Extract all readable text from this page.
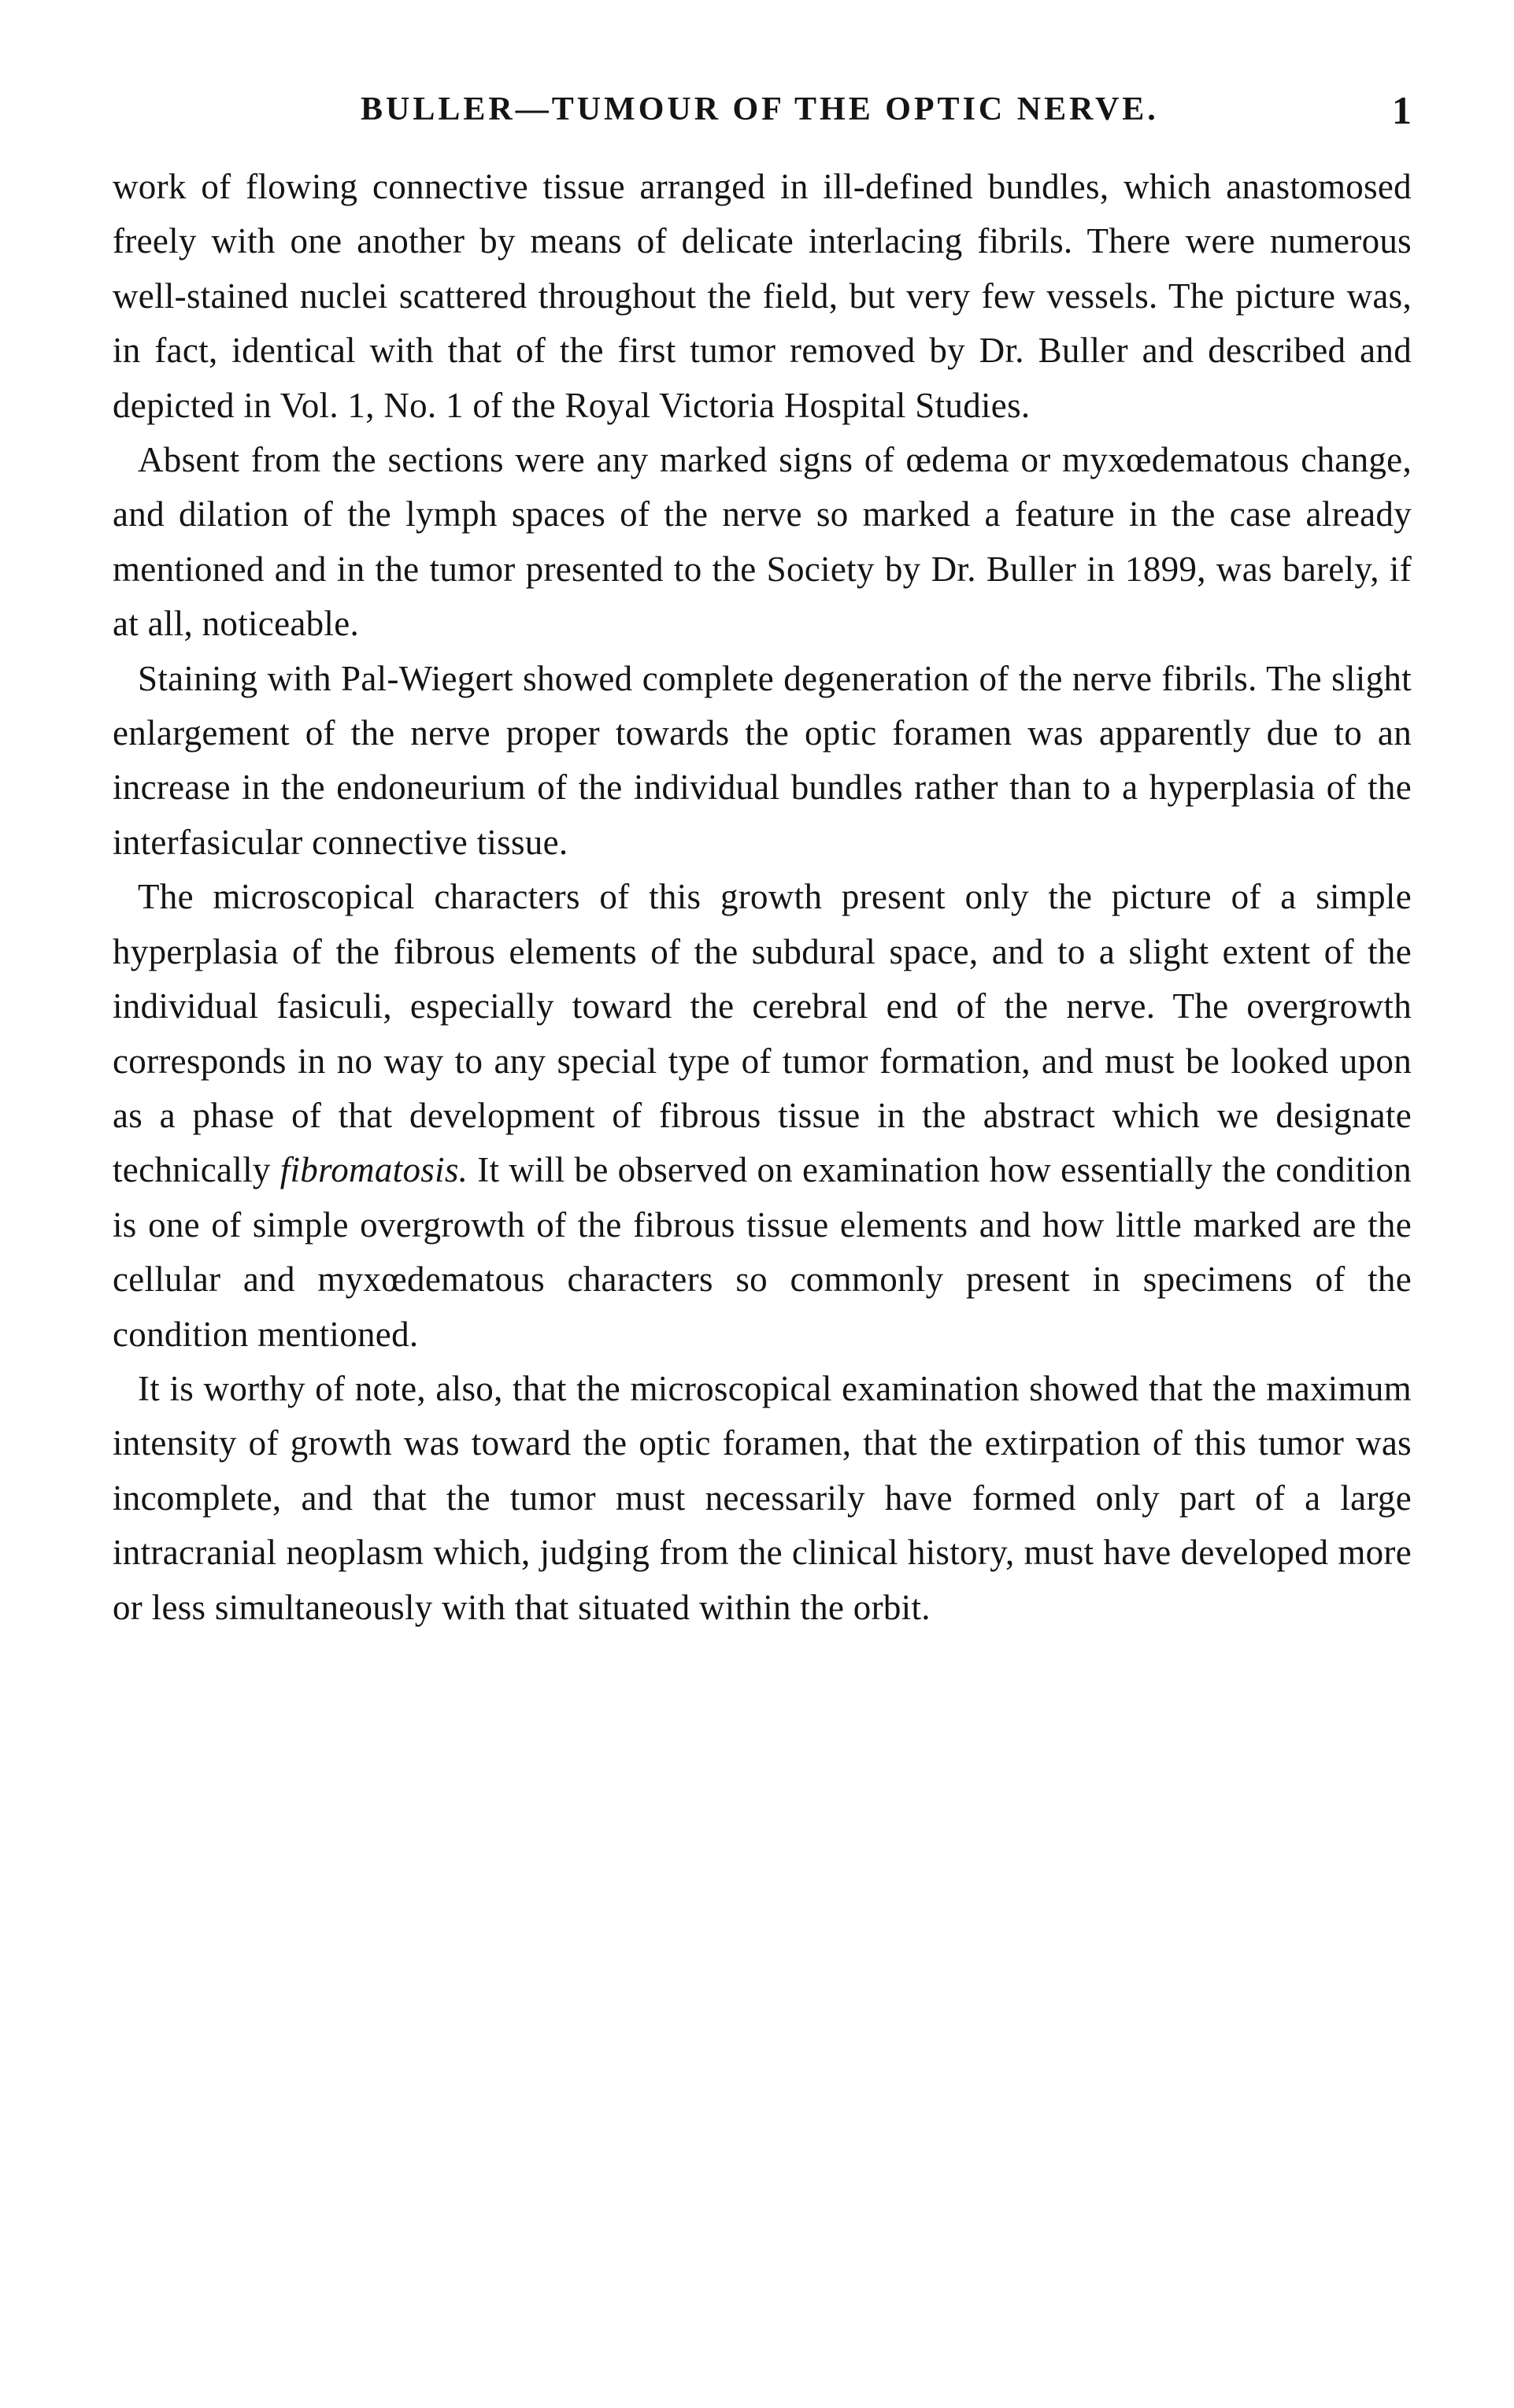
BULLER—TUMOUR OF THE OPTIC NERVE.	1

work of flowing connective tissue arranged in ill-defined bundles, which anastomosed freely with one another by means of delicate interlacing fibrils. There were numerous well-stained nuclei scattered throughout the field, but very few vessels. The picture was, in fact, identical with that of the first tumor removed by Dr. Buller and described and depicted in Vol. 1, No. 1 of the Royal Victoria Hospital Studies.

Absent from the sections were any marked signs of œdema or myxœdematous change, and dilation of the lymph spaces of the nerve so marked a feature in the case already mentioned and in the tumor presented to the Society by Dr. Buller in 1899, was barely, if at all, noticeable.

Staining with Pal-Wiegert showed complete degeneration of the nerve fibrils. The slight enlargement of the nerve proper towards the optic foramen was apparently due to an increase in the endoneurium of the individual bundles rather than to a hyperplasia of the interfasicular connective tissue.

The microscopical characters of this growth present only the picture of a simple hyperplasia of the fibrous elements of the subdural space, and to a slight extent of the individual fasiculi, especially toward the cerebral end of the nerve. The overgrowth corresponds in no way to any special type of tumor formation, and must be looked upon as a phase of that development of fibrous tissue in the abstract which we designate technically fibromatosis. It will be observed on examination how essentially the condition is one of simple overgrowth of the fibrous tissue elements and how little marked are the cellular and myxœdematous characters so commonly present in specimens of the condition mentioned.

It is worthy of note, also, that the microscopical examination showed that the maximum intensity of growth was toward the optic foramen, that the extirpation of this tumor was incomplete, and that the tumor must necessarily have formed only part of a large intracranial neoplasm which, judging from the clinical history, must have developed more or less simultaneously with that situated within the orbit.
